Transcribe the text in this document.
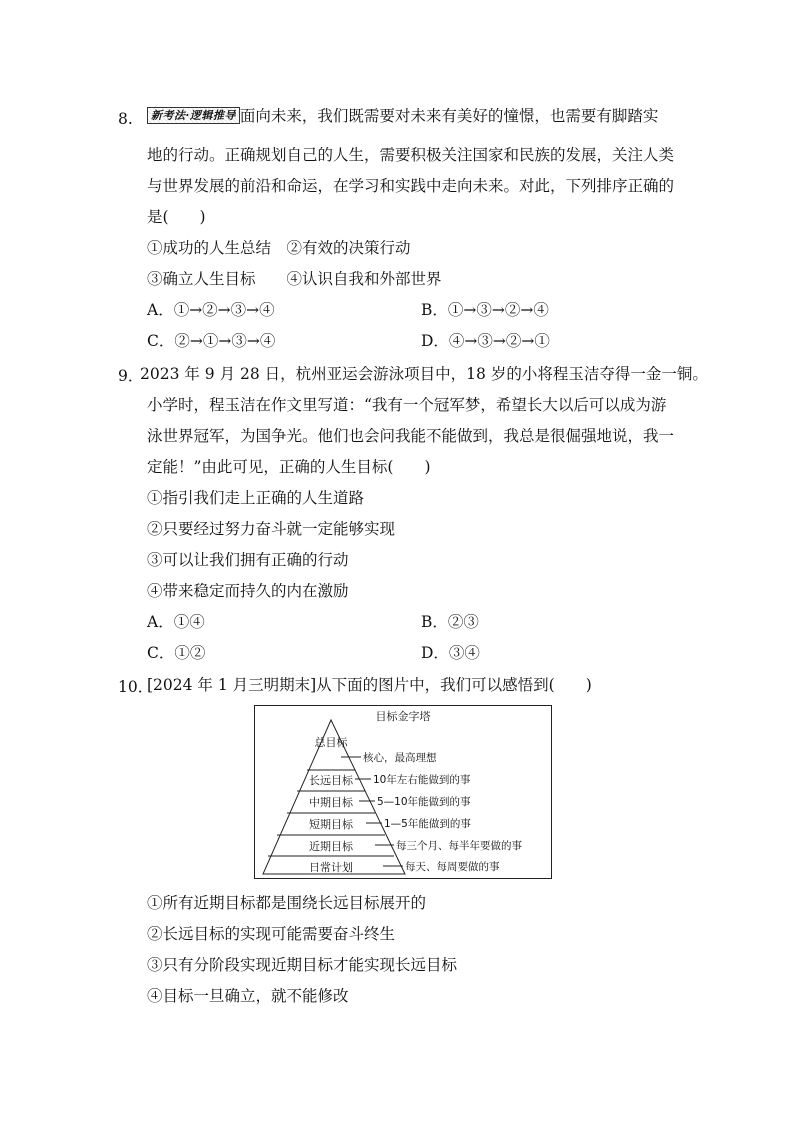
8.	新考法·逻辑推导 面向未来，我们既需要对未来有美好的憧憬，也需要有脚踏实
地的行动。正确规划自己的人生，需要积极关注国家和民族的发展，关注人类
与世界发展的前沿和命运，在学习和实践中走向未来。对此，下列排序正确的
是(　　)
①成功的人生总结　②有效的决策行动
③确立人生目标　　④认识自我和外部世界
A．①→②→③→④	B．①→③→②→④
C．②→①→③→④	D．④→③→②→①
9．
2023 年 9 月 28 日，杭州亚运会游泳项目中，18 岁的小将程玉洁夺得一金一铜。
小学时，程玉洁在作文里写道：“我有一个冠军梦，希望长大以后可以成为游
泳世界冠军，为国争光。他们也会问我能不能做到，我总是很倔强地说，我一
定能！”由此可见，正确的人生目标(　　)
①指引我们走上正确的人生道路
②只要经过努力奋斗就一定能够实现
③可以让我们拥有正确的行动
④带来稳定而持久的内在激励
A．①④	B．②③
C．①②	D．③④
10．
[2024 年 1 月三明期末]从下面的图片中，我们可以感悟到(　　)
目标金字塔
总目标
长远目标
中期目标
短期目标
近期目标
日常计划
核心，最高理想
10年左右能做到的事
5—10年能做到的事
1—5年能做到的事
每三个月、每半年要做的事
每天、每周要做的事
①所有近期目标都是围绕长远目标展开的
②长远目标的实现可能需要奋斗终生
③只有分阶段实现近期目标才能实现长远目标
④目标一旦确立，就不能修改
